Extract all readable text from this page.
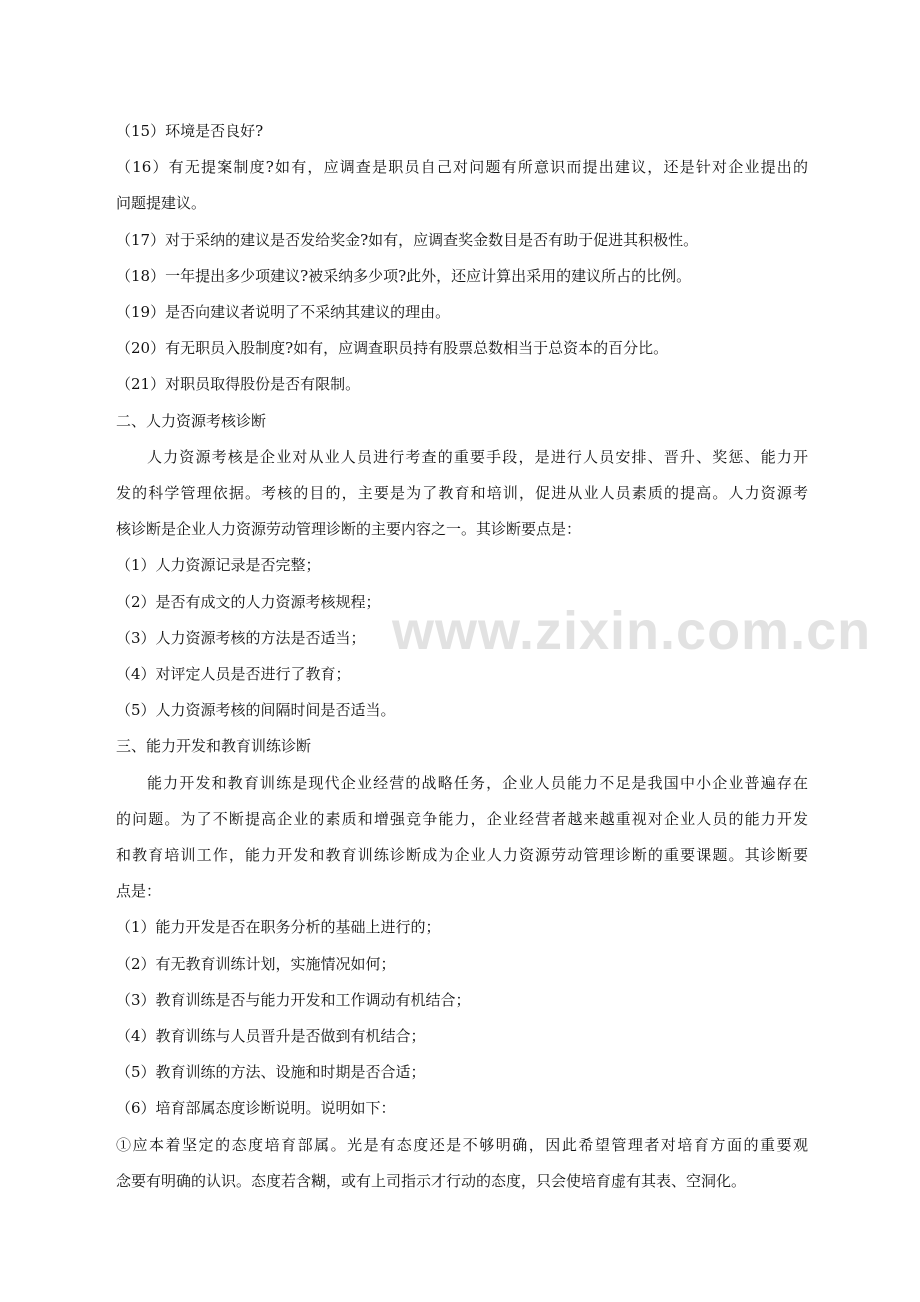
（15）环境是否良好?
（16）有无提案制度?如有，应调查是职员自己对问题有所意识而提出建议，还是针对企业提出的
问题提建议。
（17）对于采纳的建议是否发给奖金?如有，应调查奖金数目是否有助于促进其积极性。
（18）一年提出多少项建议?被采纳多少项?此外，还应计算出采用的建议所占的比例。
（19）是否向建议者说明了不采纳其建议的理由。
（20）有无职员入股制度?如有，应调查职员持有股票总数相当于总资本的百分比。
（21）对职员取得股份是否有限制。
二、人力资源考核诊断
人力资源考核是企业对从业人员进行考查的重要手段，是进行人员安排、晋升、奖惩、能力开
发的科学管理依据。考核的目的，主要是为了教育和培训，促进从业人员素质的提高。人力资源考
核诊断是企业人力资源劳动管理诊断的主要内容之一。其诊断要点是：
（1）人力资源记录是否完整；
（2）是否有成文的人力资源考核规程；
（3）人力资源考核的方法是否适当；
（4）对评定人员是否进行了教育；
（5）人力资源考核的间隔时间是否适当。
三、能力开发和教育训练诊断
能力开发和教育训练是现代企业经营的战略任务，企业人员能力不足是我国中小企业普遍存在
的问题。为了不断提高企业的素质和增强竞争能力，企业经营者越来越重视对企业人员的能力开发
和教育培训工作，能力开发和教育训练诊断成为企业人力资源劳动管理诊断的重要课题。其诊断要
点是：
（1）能力开发是否在职务分析的基础上进行的；
（2）有无教育训练计划，实施情况如何；
（3）教育训练是否与能力开发和工作调动有机结合；
（4）教育训练与人员晋升是否做到有机结合；
（5）教育训练的方法、设施和时期是否合适；
（6）培育部属态度诊断说明。说明如下：
①应本着坚定的态度培育部属。光是有态度还是不够明确，因此希望管理者对培育方面的重要观
念要有明确的认识。态度若含糊，或有上司指示才行动的态度，只会使培育虚有其表、空洞化。
www.zixin.com.cn
